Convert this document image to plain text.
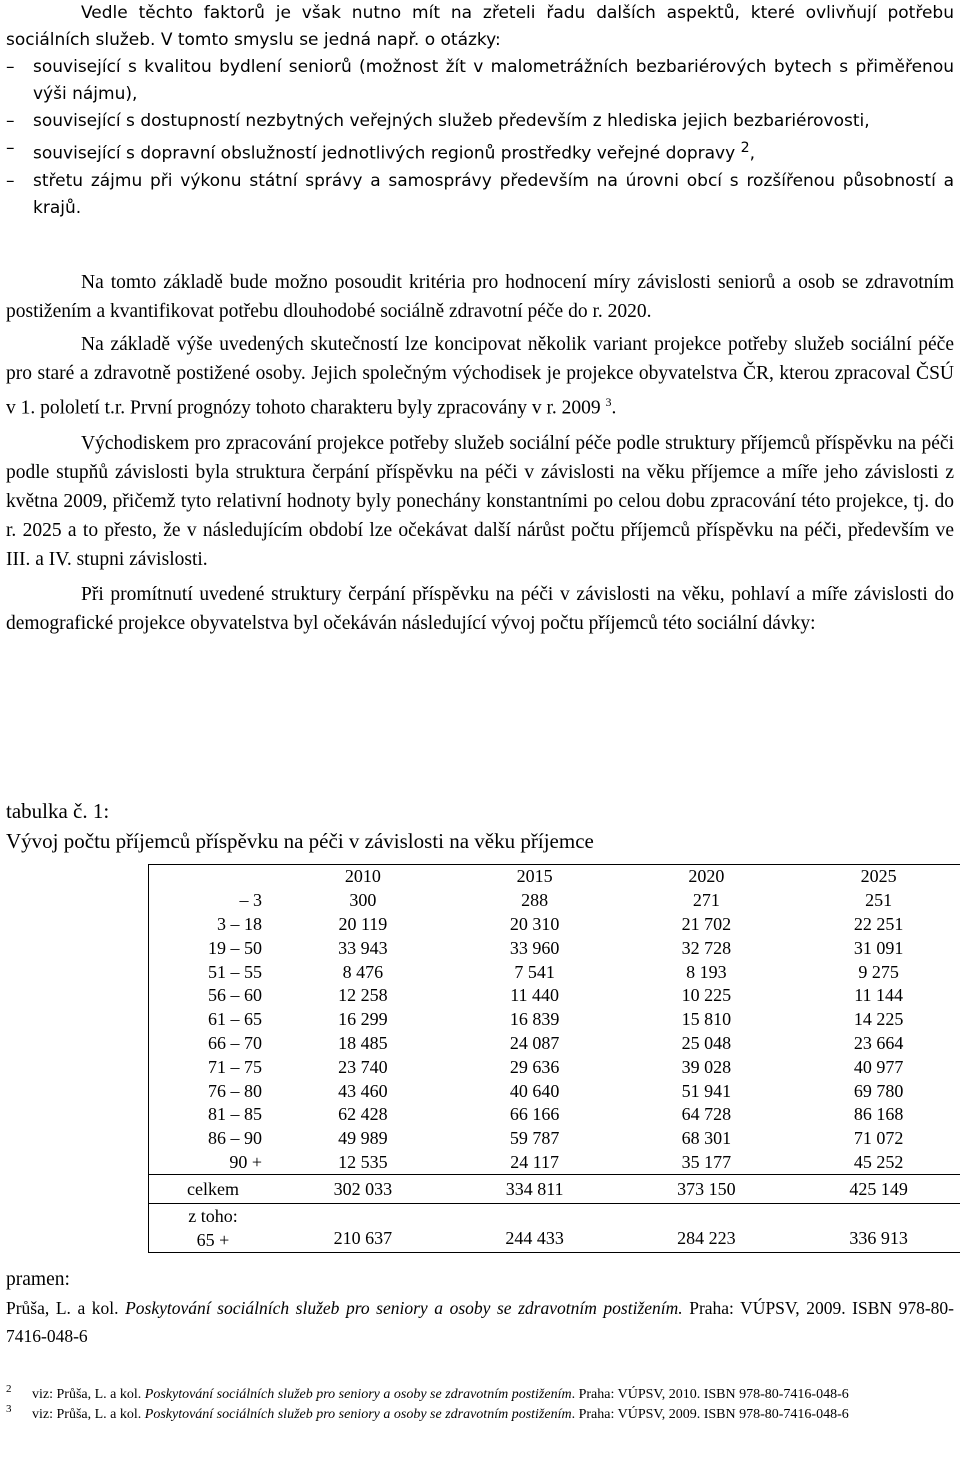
Vedle těchto faktorů je však nutno mít na zřeteli řadu dalších aspektů, které ovlivňují potřebu sociálních služeb. V tomto smyslu se jedná např. o otázky:

– související s kvalitou bydlení seniorů (možnost žít v malometrážních bezbariérových bytech s přiměřenou výši nájmu),
– související s dostupností nezbytných veřejných služeb především z hlediska jejich bezbariérovosti,
– související s dopravní obslužností jednotlivých regionů prostředky veřejné dopravy $^2$,
– střetu zájmu při výkonu státní správy a samosprávy především na úrovni obcí s rozšířenou působností a krajů.

Na tomto základě bude možno posoudit kritéria pro hodnocení míry závislosti seniorů a osob se zdravotním postižením a kvantifikovat potřebu dlouhodobé sociálně zdravotní péče do r. 2020.

Na základě výše uvedených skutečností lze koncipovat několik variant projekce potřeby služeb sociální péče pro staré a zdravotně postižené osoby. Jejich společným východisek je projekce obyvatelstva ČR, kterou zpracoval ČSÚ v 1. pololetí t.r. První prognózy tohoto charakteru byly zpracovány v r. 2009 $^3$.

Východiskem pro zpracování projekce potřeby služeb sociální péče podle struktury příjemců příspěvku na péči podle stupňů závislosti byla struktura čerpání příspěvku na péči v závislosti na věku příjemce a míře jeho závislosti z května 2009, přičemž tyto relativní hodnoty byly ponechány konstantními po celou dobu zpracování této projekce, tj. do r. 2025 a to přesto, že v následujícím období lze očekávat další nárůst počtu příjemců příspěvku na péči, především ve III. a IV. stupni závislosti.

Při promítnutí uvedené struktury čerpání příspěvku na péči v závislosti na věku, pohlaví a míře závislosti do demografické projekce obyvatelstva byl očekáván následující vývoj počtu příjemců této sociální dávky:

tabulka č. 1:
Vývoj počtu příjemců příspěvku na péči v závislosti na věku příjemce
	2010	2015	2020	2025
– 3	300	288	271	251
3 – 18	20 119	20 310	21 702	22 251
19 – 50	33 943	33 960	32 728	31 091
51 – 55	8 476	7 541	8 193	9 275
56 – 60	12 258	11 440	10 225	11 144
61 – 65	16 299	16 839	15 810	14 225
66 – 70	18 485	24 087	25 048	23 664
71 – 75	23 740	29 636	39 028	40 977
76 – 80	43 460	40 640	51 941	69 780
81 – 85	62 428	66 166	64 728	86 168
86 – 90	49 989	59 787	68 301	71 072
90 +	12 535	24 117	35 177	45 252
celkem	302 033	334 811	373 150	425 149

z toho:
65 +	210 637	244 433	284 223	336 913
pramen:
Průša, L. a kol. Poskytování sociálních služeb pro seniory a osoby se zdravotním postižením. Praha: VÚPSV, 2009. ISBN 978-80-7416-048-6
2 viz: Průša, L. a kol. Poskytování sociálních služeb pro seniory a osoby se zdravotním postižením. Praha: VÚPSV, 2010. ISBN 978-80-7416-048-6
3 viz: Průša, L. a kol. Poskytování sociálních služeb pro seniory a osoby se zdravotním postižením. Praha: VÚPSV, 2009. ISBN 978-80-7416-048-6
